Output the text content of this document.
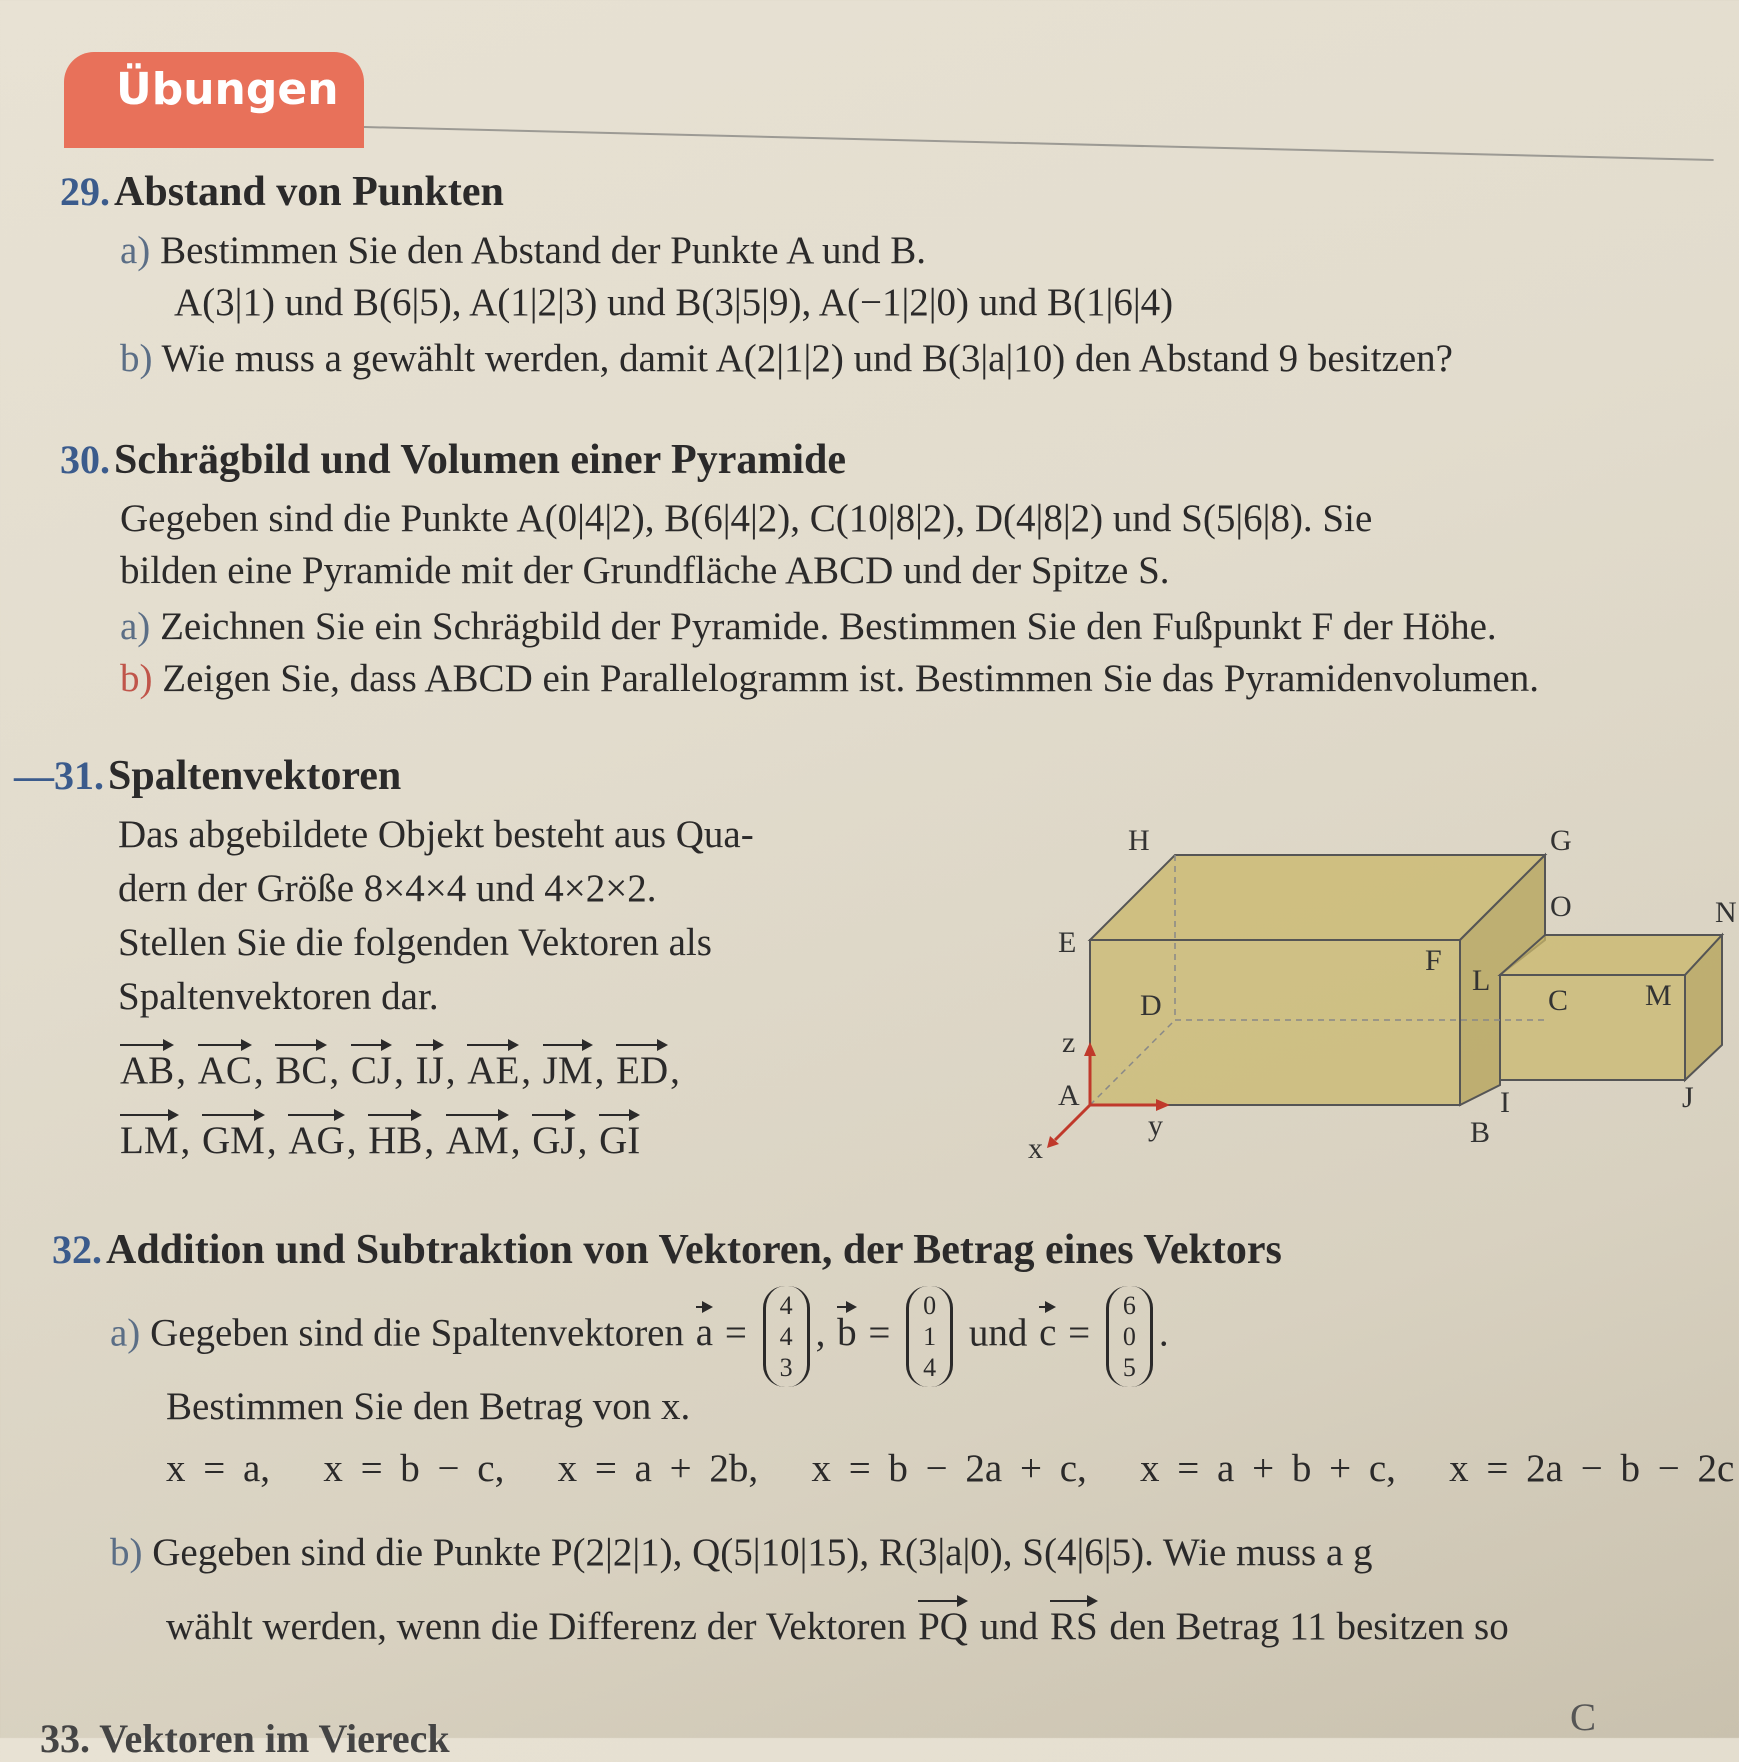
Übungen
29. Abstand von Punkten
a) Bestimmen Sie den Abstand der Punkte A und B.
A(3|1) und B(6|5), A(1|2|3) und B(3|5|9), A(−1|2|0) und B(1|6|4)
b) Wie muss a gewählt werden, damit A(2|1|2) und B(3|a|10) den Abstand 9 besitzen?
30. Schrägbild und Volumen einer Pyramide
Gegeben sind die Punkte A(0|4|2), B(6|4|2), C(10|8|2), D(4|8|2) und S(5|6|8). Sie
bilden eine Pyramide mit der Grundfläche ABCD und der Spitze S.
a) Zeichnen Sie ein Schrägbild der Pyramide. Bestimmen Sie den Fußpunkt F der Höhe.
b) Zeigen Sie, dass ABCD ein Parallelogramm ist. Bestimmen Sie das Pyramidenvolumen.
—31. Spaltenvektoren
Das abgebildete Objekt besteht aus Qua-
dern der Größe 8×4×4 und 4×2×2.
Stellen Sie die folgenden Vektoren als
Spaltenvektoren dar.
AB, AC, BC, CJ, IJ, AE, JM, ED,
LM, GM, AG, HB, AM, GJ, GI
H	G
E
F
O
L
C	M
D
z
A
y
x	B
I	J
N
32. Addition und Subtraktion von Vektoren, der Betrag eines Vektors
a) Gegeben sind die Spaltenvektoren a = 4
4
3, b = 0
1
4 und c = 6
0
5.
Bestimmen Sie den Betrag von x.
x = a, x = b − c, x = a + 2b, x = b − 2a + c, x = a + b + c, x = 2a − b − 2c
b) Gegeben sind die Punkte P(2|2|1), Q(5|10|15), R(3|a|0), S(4|6|5). Wie muss a g
wählt werden, wenn die Differenz der Vektoren PQ und RS den Betrag 11 besitzen so
33. Vektoren im Viereck	C
